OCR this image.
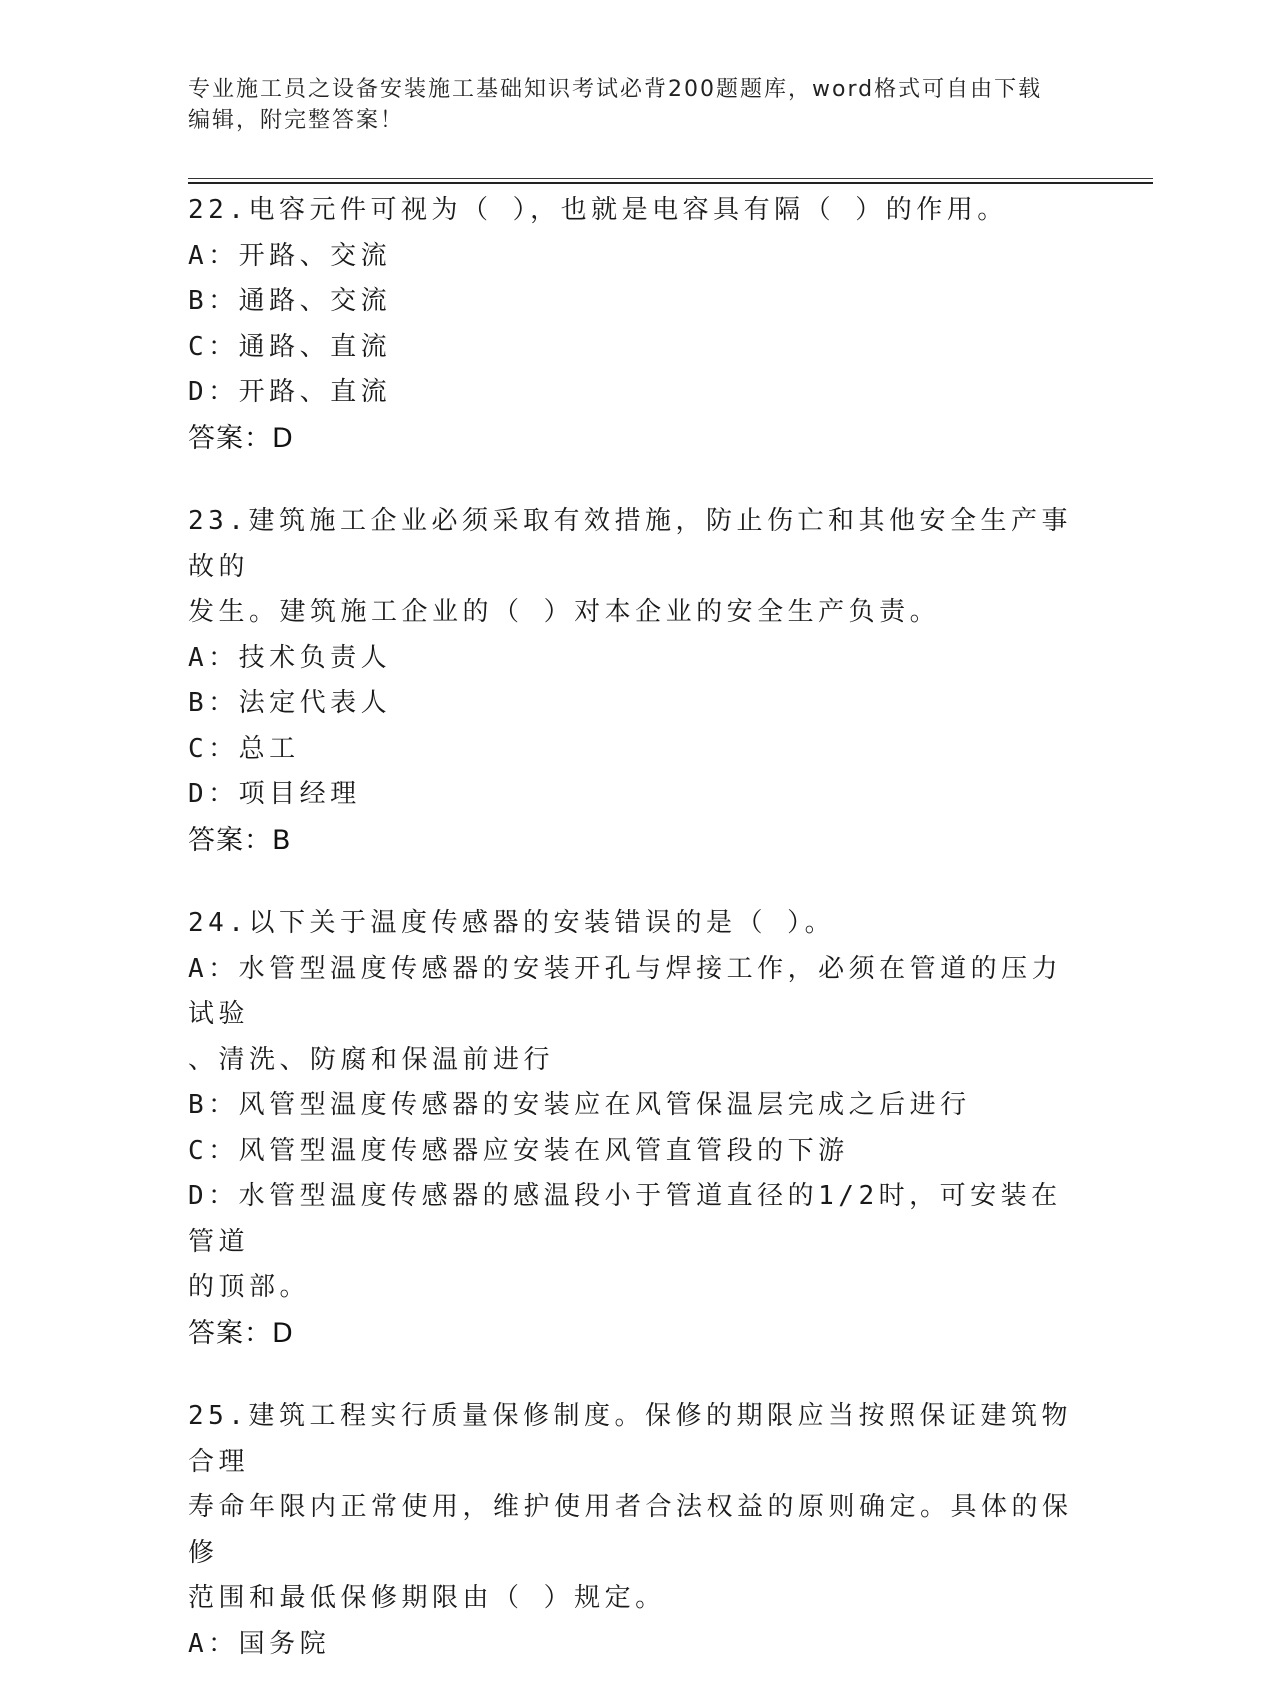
专业施工员之设备安装施工基础知识考试必背200题题库，word格式可自由下载
编辑，附完整答案！
22.电容元件可视为（ ），也就是电容具有隔（ ）的作用。
A：开路、交流
B：通路、交流
C：通路、直流
D：开路、直流
答案：D
23.建筑施工企业必须采取有效措施，防止伤亡和其他安全生产事故的
发生。建筑施工企业的（ ）对本企业的安全生产负责。
A：技术负责人
B：法定代表人
C：总工
D：项目经理
答案：B
24.以下关于温度传感器的安装错误的是（ ）。
A：水管型温度传感器的安装开孔与焊接工作，必须在管道的压力试验
、清洗、防腐和保温前进行
B：风管型温度传感器的安装应在风管保温层完成之后进行
C：风管型温度传感器应安装在风管直管段的下游
D：水管型温度传感器的感温段小于管道直径的1/2时，可安装在管道
的顶部。
答案：D
25.建筑工程实行质量保修制度。保修的期限应当按照保证建筑物合理
寿命年限内正常使用，维护使用者合法权益的原则确定。具体的保修
范围和最低保修期限由（ ）规定。
A：国务院
